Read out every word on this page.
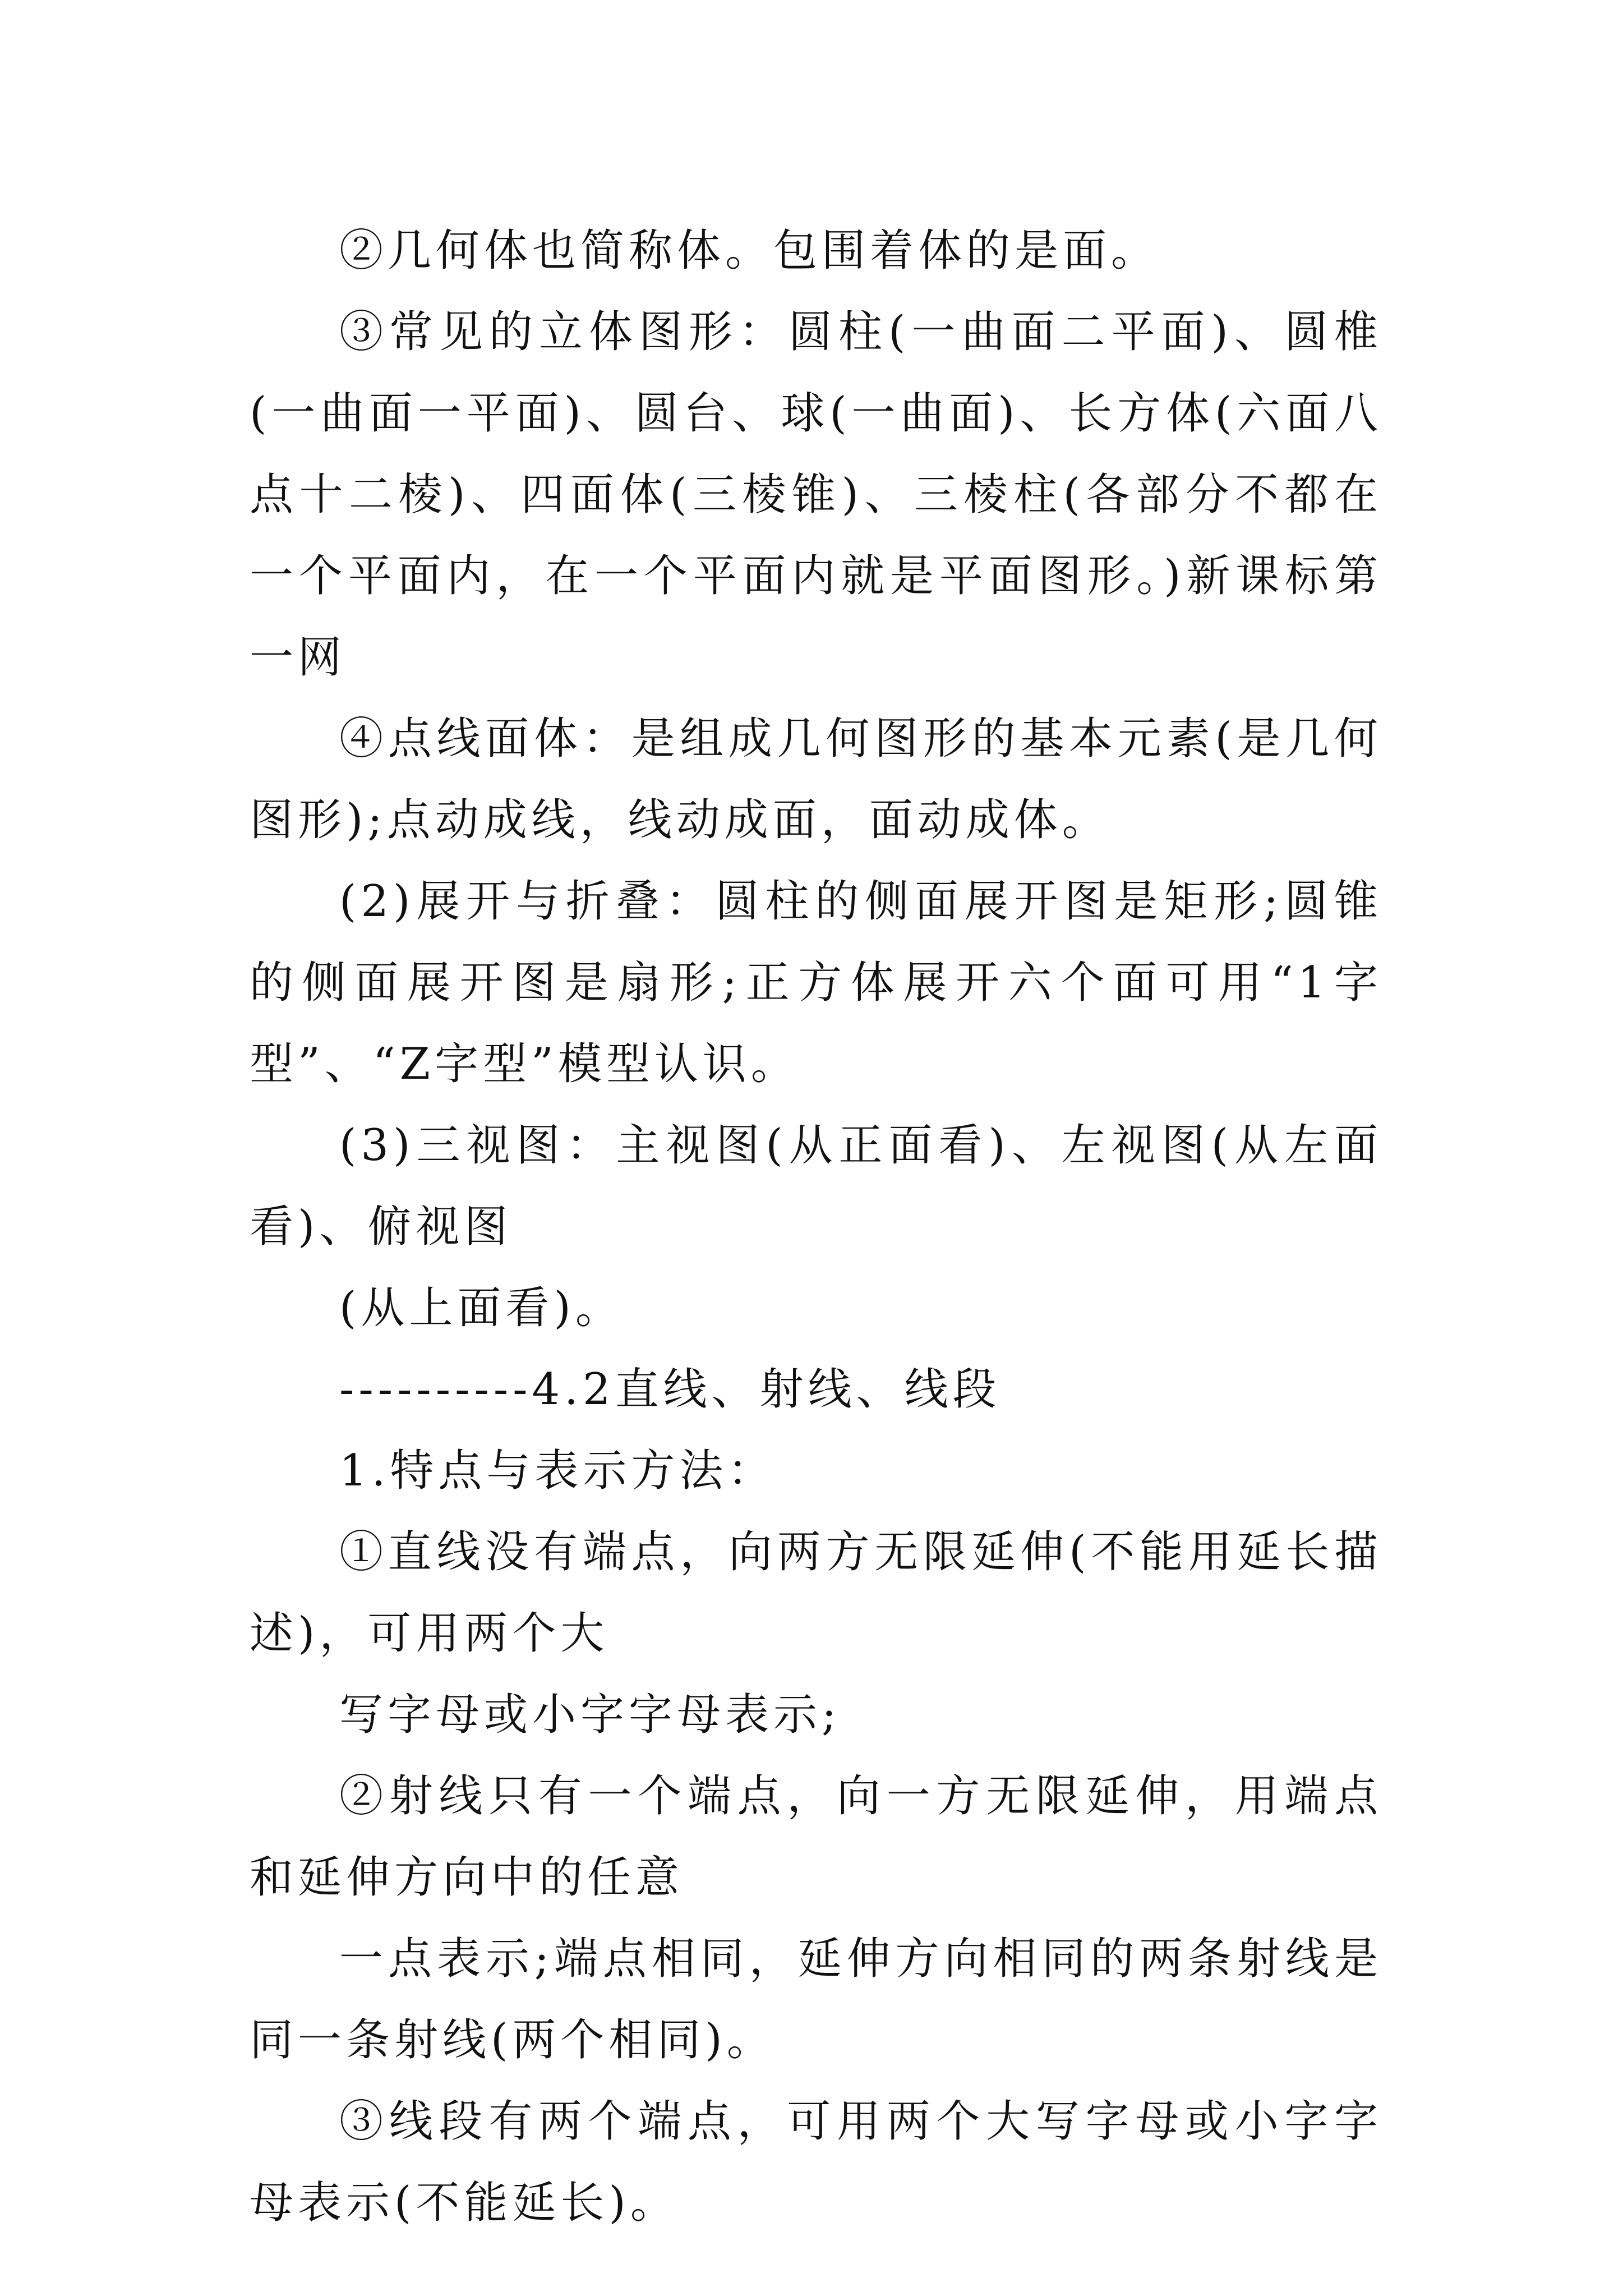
②几何体也简称体。包围着体的是面。

③常见的立体图形：圆柱(一曲面二平面)、圆椎(一曲面一平面)、圆台、球(一曲面)、长方体(六面八点十二棱)、四面体(三棱锥)、三棱柱(各部分不都在一个平面内，在一个平面内就是平面图形。)新课标第一网

④点线面体：是组成几何图形的基本元素(是几何图形);点动成线，线动成面，面动成体。

(2)展开与折叠：圆柱的侧面展开图是矩形;圆锥的侧面展开图是扇形;正方体展开六个面可用“1字型”、“Z字型”模型认识。

(3)三视图：主视图(从正面看)、左视图(从左面看)、俯视图

(从上面看)。

----------4.2直线、射线、线段

1.特点与表示方法：

①直线没有端点，向两方无限延伸(不能用延长描述)，可用两个大

写字母或小字字母表示;

②射线只有一个端点，向一方无限延伸，用端点和延伸方向中的任意

一点表示;端点相同，延伸方向相同的两条射线是同一条射线(两个相同)。

③线段有两个端点，可用两个大写字母或小字字母表示(不能延长)。
